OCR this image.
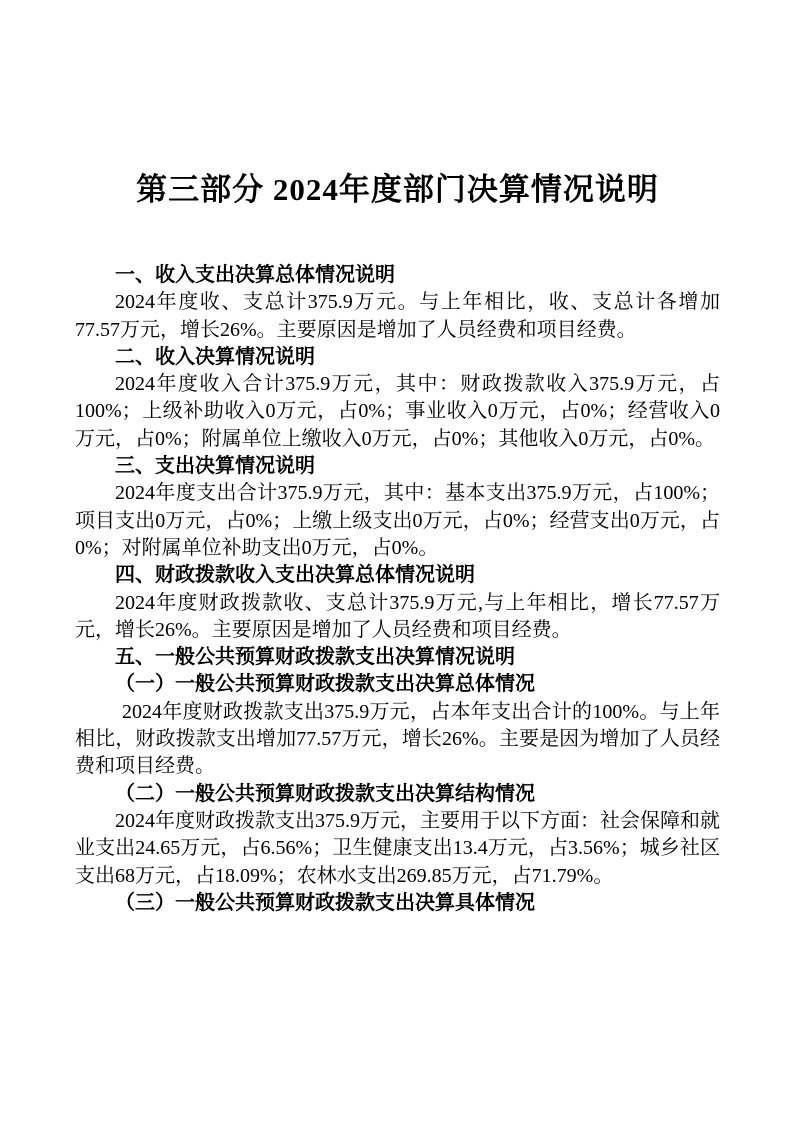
第三部分 2024年度部门决算情况说明
一、收入支出决算总体情况说明

2024年度收、支总计375.9万元。与上年相比，收、支总计各增加77.57万元，增长26%。主要原因是增加了人员经费和项目经费。

二、收入决算情况说明

2024年度收入合计375.9万元，其中：财政拨款收入375.9万元，占100%；上级补助收入0万元，占0%；事业收入0万元，占0%；经营收入0万元，占0%；附属单位上缴收入0万元，占0%；其他收入0万元，占0%。

三、支出决算情况说明

2024年度支出合计375.9万元，其中：基本支出375.9万元，占100%；项目支出0万元，占0%；上缴上级支出0万元，占0%；经营支出0万元，占0%；对附属单位补助支出0万元，占0%。

四、财政拨款收入支出决算总体情况说明

2024年度财政拨款收、支总计375.9万元,与上年相比，增长77.57万元，增长26%。主要原因是增加了人员经费和项目经费。

五、一般公共预算财政拨款支出决算情况说明
（一）一般公共预算财政拨款支出决算总体情况

2024年度财政拨款支出375.9万元，占本年支出合计的100%。与上年相比，财政拨款支出增加77.57万元，增长26%。主要是因为增加了人员经费和项目经费。

（二）一般公共预算财政拨款支出决算结构情况

2024年度财政拨款支出375.9万元，主要用于以下方面：社会保障和就业支出24.65万元，占6.56%；卫生健康支出13.4万元，占3.56%；城乡社区支出68万元，占18.09%；农林水支出269.85万元，占71.79%。

（三）一般公共预算财政拨款支出决算具体情况
